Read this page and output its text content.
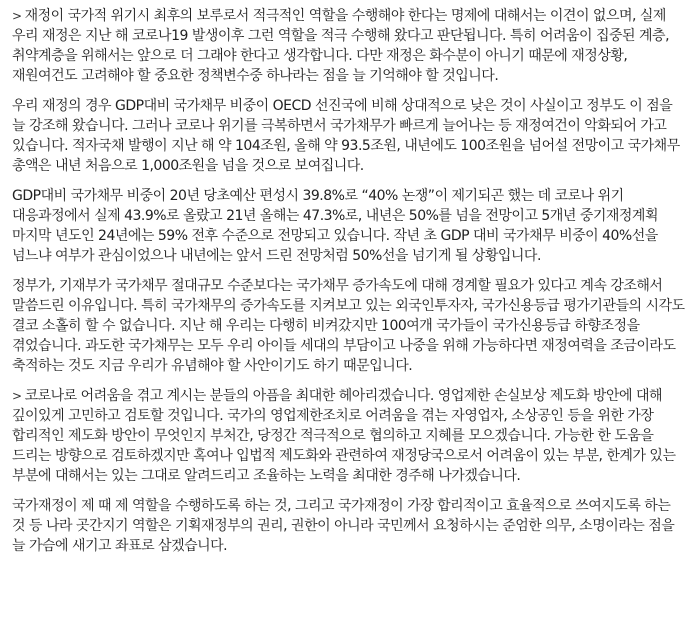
> 재정이 국가적 위기시 최후의 보루로서 적극적인 역할을 수행해야 한다는 명제에 대해서는 이견이 없으며, 실제 우리 재정은 지난 해 코로나19 발생이후 그런 역할을 적극 수행해 왔다고 판단됩니다. 특히 어려움이 집중된 계층, 취약계층을 위해서는 앞으로 더 그래야 한다고 생각합니다. 다만 재정은 화수분이 아니기 때문에 재정상황, 재원여건도 고려해야 할 중요한 정책변수중 하나라는 점을 늘 기억해야 할 것입니다.

우리 재정의 경우 GDP대비 국가채무 비중이 OECD 선진국에 비해 상대적으로 낮은 것이 사실이고 정부도 이 점을 늘 강조해 왔습니다. 그러나 코로나 위기를 극복하면서 국가채무가 빠르게 늘어나는 등 재정여건이 악화되어 가고 있습니다. 적자국채 발행이 지난 해 약 104조원, 올해 약 93.5조원, 내년에도 100조원을 넘어설 전망이고 국가채무 총액은 내년 처음으로 1,000조원을 넘을 것으로 보여집니다.

GDP대비 국가채무 비중이 20년 당초예산 편성시 39.8%로 “40% 논쟁”이 제기되곤 했는 데 코로나 위기 대응과정에서 실제 43.9%로 올랐고 21년 올해는 47.3%로, 내년은 50%를 넘을 전망이고 5개년 중기재정계획 마지막 년도인 24년에는 59% 전후 수준으로 전망되고 있습니다. 작년 초 GDP 대비 국가채무 비중이 40%선을 넘느냐 여부가 관심이었으나 내년에는 앞서 드린 전망처럼 50%선을 넘기게 될 상황입니다.

정부가, 기재부가 국가채무 절대규모 수준보다는 국가채무 증가속도에 대해 경계할 필요가 있다고 계속 강조해서 말씀드린 이유입니다. 특히 국가채무의 증가속도를 지켜보고 있는 외국인투자자, 국가신용등급 평가기관들의 시각도 결코 소홀히 할 수 없습니다. 지난 해 우리는 다행히 비켜갔지만 100여개 국가들이 국가신용등급 하향조정을 겪었습니다. 과도한 국가채무는 모두 우리 아이들 세대의 부담이고 나중을 위해 가능하다면 재정여력을 조금이라도 축적하는 것도 지금 우리가 유념해야 할 사안이기도 하기 때문입니다.

> 코로나로 어려움을 겪고 계시는 분들의 아픔을 최대한 헤아리겠습니다. 영업제한 손실보상 제도화 방안에 대해 깊이있게 고민하고 검토할 것입니다. 국가의 영업제한조치로 어려움을 겪는 자영업자, 소상공인 등을 위한 가장 합리적인 제도화 방안이 무엇인지 부처간, 당정간 적극적으로 협의하고 지혜를 모으겠습니다. 가능한 한 도움을 드리는 방향으로 검토하겠지만 혹여나 입법적 제도화와 관련하여 재정당국으로서 어려움이 있는 부분, 한계가 있는 부분에 대해서는 있는 그대로 알려드리고 조율하는 노력을 최대한 경주해 나가겠습니다.

국가재정이 제 때 제 역할을 수행하도록 하는 것, 그리고 국가재정이 가장 합리적이고 효율적으로 쓰여지도록 하는 것 등 나라 곳간지기 역할은 기획재정부의 권리, 권한이 아니라 국민께서 요청하시는 준엄한 의무, 소명이라는 점을 늘 가슴에 새기고 좌표로 삼겠습니다.
